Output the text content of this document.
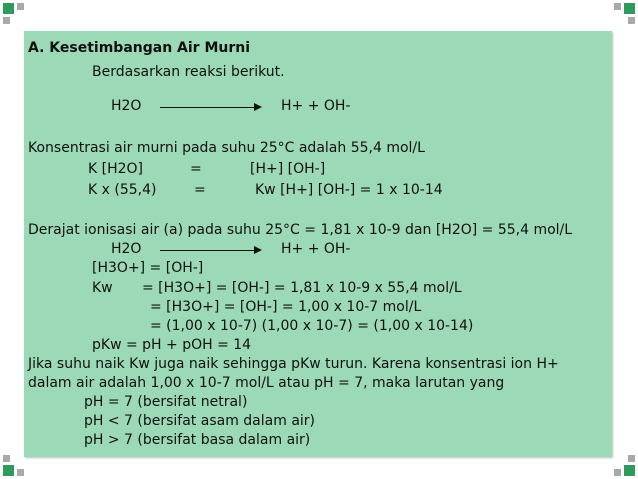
A. Kesetimbangan Air Murni
Berdasarkan reaksi berikut.
H2O	H+ + OH-
Konsentrasi air murni pada suhu 25°C adalah 55,4 mol/L
K [H2O]	=	[H+] [OH-]
K x (55,4)	=	Kw [H+] [OH-] = 1 x 10-14
Derajat ionisasi air (a) pada suhu 25°C = 1,81 x 10-9 dan [H2O] = 55,4 mol/L
H2O	H+ + OH-
[H3O+] = [OH-]
Kw = [H3O+] = [OH-] = 1,81 x 10-9 x 55,4 mol/L
= [H3O+] = [OH-] = 1,00 x 10-7 mol/L
= (1,00 x 10-7) (1,00 x 10-7) = (1,00 x 10-14)
pKw = pH + pOH = 14
Jika suhu naik Kw juga naik sehingga pKw turun. Karena konsentrasi ion H+
dalam air adalah 1,00 x 10-7 mol/L atau pH = 7, maka larutan yang
pH = 7 (bersifat netral)
pH < 7 (bersifat asam dalam air)
pH > 7 (bersifat basa dalam air)
